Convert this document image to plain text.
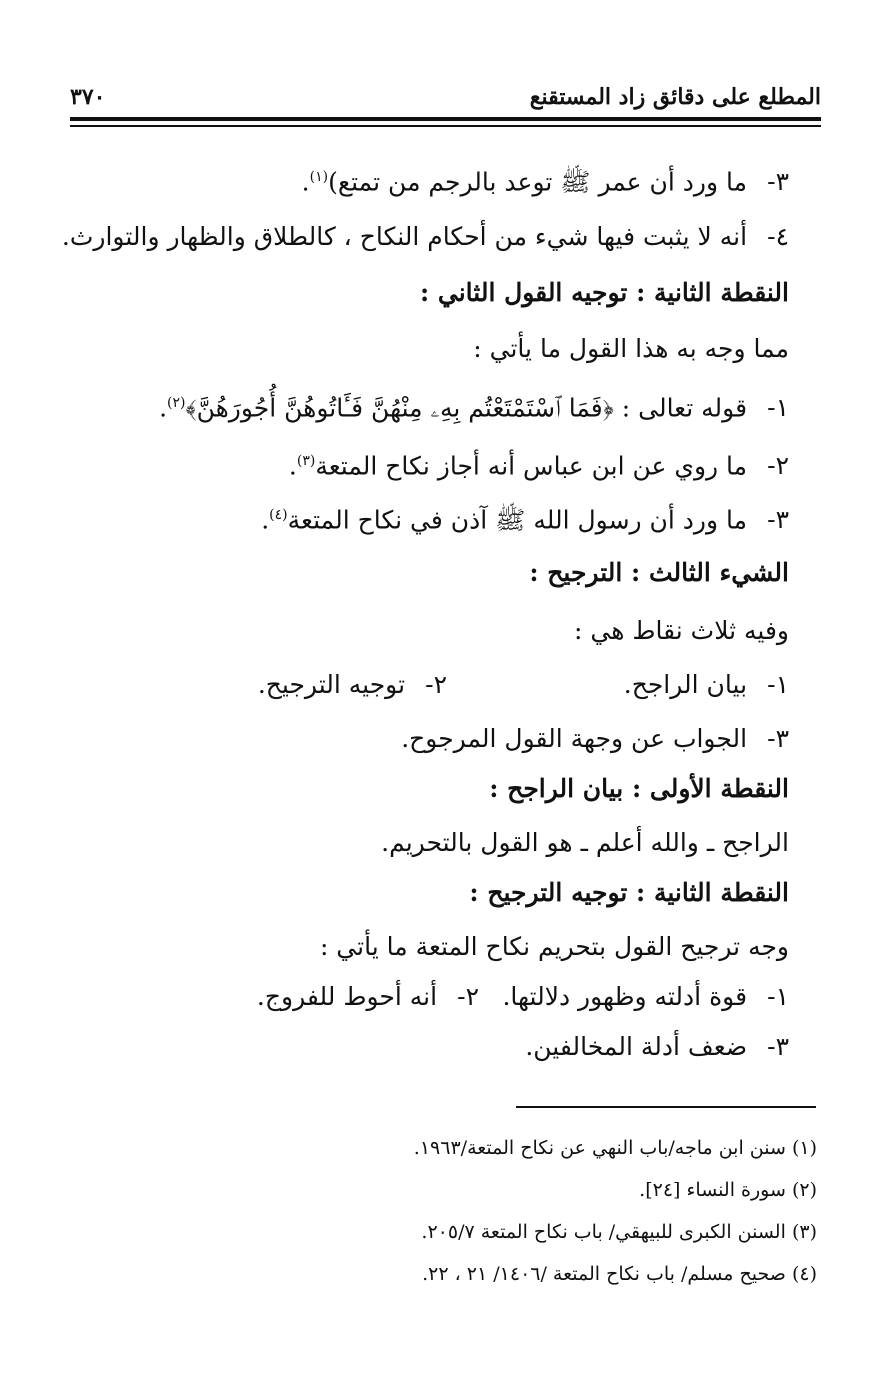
المطلع على دقائق زاد المستقنع
٣٧٠
٣- ما ورد أن عمر ﷺ توعد بالرجم من تمتع)$^{(١)}$.
٤- أنه لا يثبت فيها شيء من أحكام النكاح ، كالطلاق والظهار والتوارث.
النقطة الثانية : توجيه القول الثاني :
مما وجه به هذا القول ما يأتي :
١- قوله تعالى : ﴿فَمَا ٱسْتَمْتَعْتُم بِهِۦ مِنْهُنَّ فَـَٔاتُوهُنَّ أُجُورَهُنَّ﴾$^{(٢)}$.
٢- ما روي عن ابن عباس أنه أجاز نكاح المتعة$^{(٣)}$.
٣- ما ورد أن رسول الله ﷺ آذن في نكاح المتعة$^{(٤)}$.
الشيء الثالث : الترجيح :
وفيه ثلاث نقاط هي :
١- بيان الراجح.
٢- توجيه الترجيح.
٣- الجواب عن وجهة القول المرجوح.
النقطة الأولى : بيان الراجح :
الراجح ـ والله أعلم ـ هو القول بالتحريم.
النقطة الثانية : توجيه الترجيح :
وجه ترجيح القول بتحريم نكاح المتعة ما يأتي :
١- قوة أدلته وظهور دلالتها.
٢- أنه أحوط للفروج.
٣- ضعف أدلة المخالفين.
(١) سنن ابن ماجه/باب النهي عن نكاح المتعة/١٩٦٣.
(٢) سورة النساء [٢٤].
(٣) السنن الكبرى للبيهقي/ باب نكاح المتعة ٢٠٥/٧.
(٤) صحيح مسلم/ باب نكاح المتعة /١٤٠٦/ ٢١ ، ٢٢.
